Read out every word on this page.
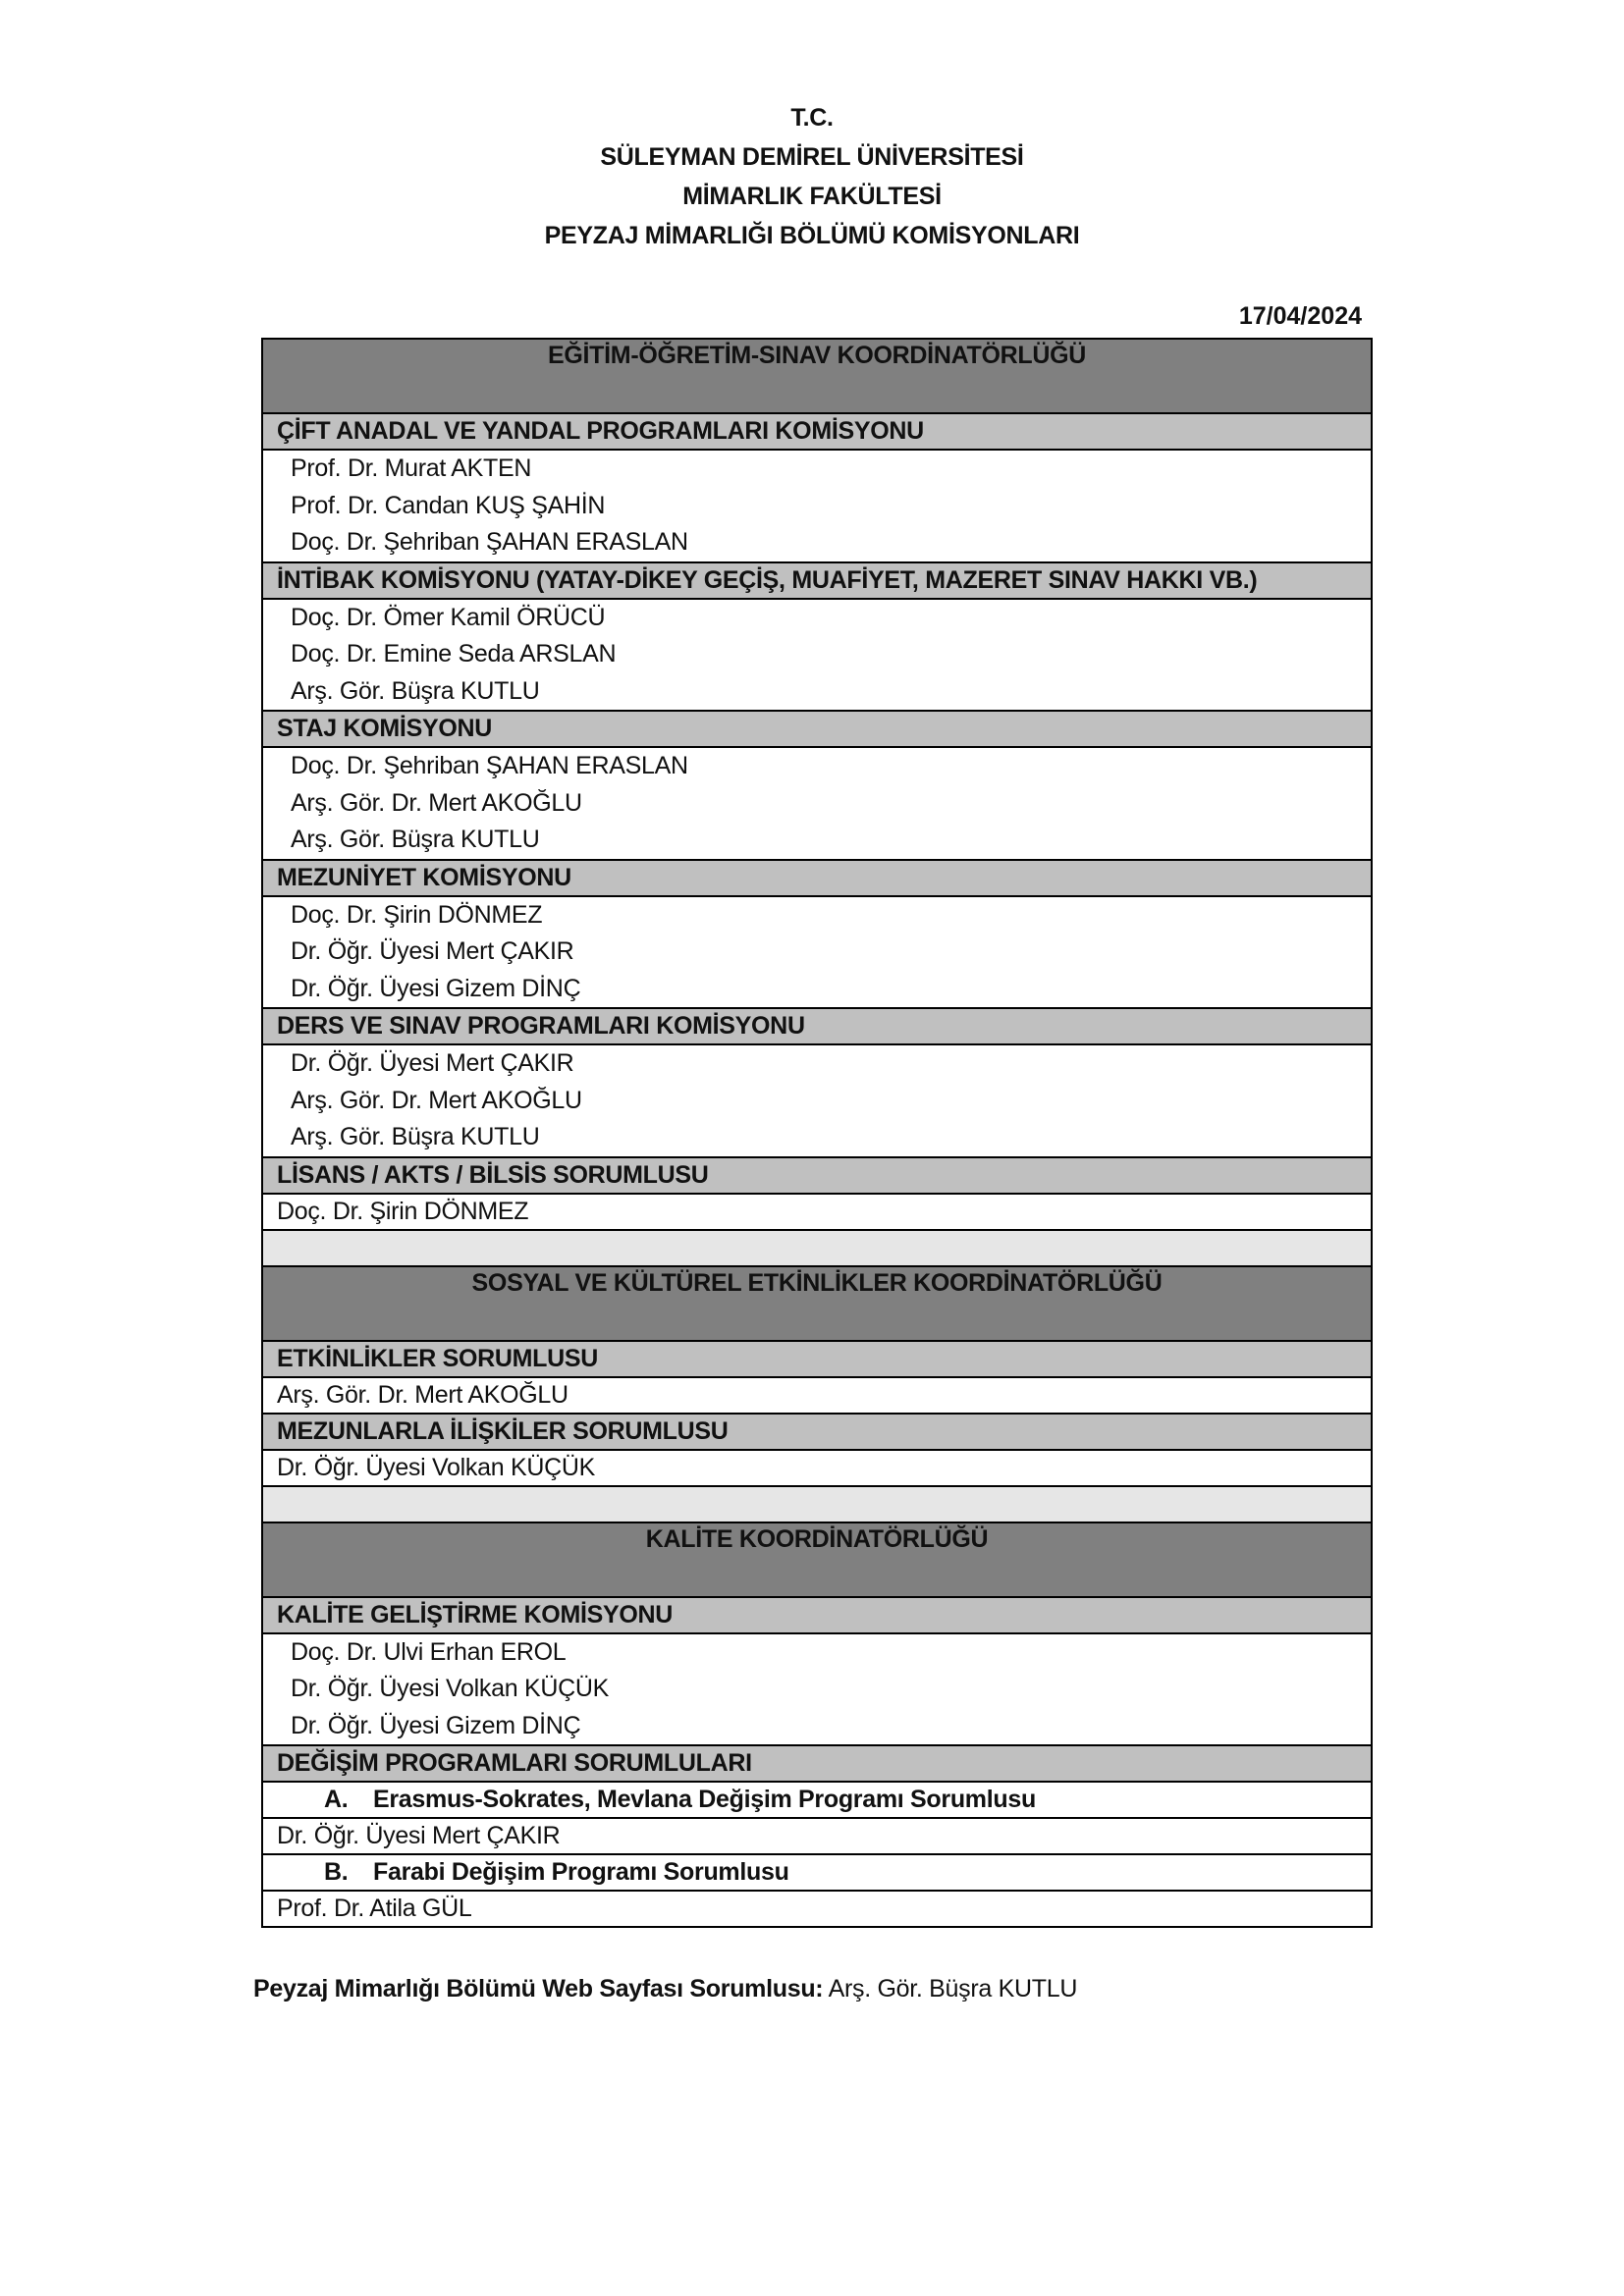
T.C.
SÜLEYMAN DEMİREL ÜNİVERSİTESİ
MİMARLIK FAKÜLTESİ
PEYZAJ MİMARLIĞI BÖLÜMÜ KOMİSYONLARI
17/04/2024
EĞİTİM-ÖĞRETİM-SINAV KOORDİNATÖRLÜĞÜ
ÇİFT ANADAL VE YANDAL PROGRAMLARI KOMİSYONU

Prof. Dr. Murat AKTEN
Prof. Dr. Candan KUŞ ŞAHİN
Doç. Dr. Şehriban ŞAHAN ERASLAN

İNTİBAK KOMİSYONU (YATAY-DİKEY GEÇİŞ, MUAFİYET, MAZERET SINAV HAKKI VB.)

Doç. Dr. Ömer Kamil ÖRÜCÜ
Doç. Dr. Emine Seda ARSLAN
Arş. Gör. Büşra KUTLU

STAJ KOMİSYONU

Doç. Dr. Şehriban ŞAHAN ERASLAN
Arş. Gör. Dr. Mert AKOĞLU
Arş. Gör. Büşra KUTLU

MEZUNİYET KOMİSYONU

Doç. Dr. Şirin DÖNMEZ
Dr. Öğr. Üyesi Mert ÇAKIR
Dr. Öğr. Üyesi Gizem DİNÇ

DERS VE SINAV PROGRAMLARI KOMİSYONU

Dr. Öğr. Üyesi Mert ÇAKIR
Arş. Gör. Dr. Mert AKOĞLU
Arş. Gör. Büşra KUTLU

LİSANS / AKTS / BİLSİS SORUMLUSU
Doç. Dr. Şirin DÖNMEZ

SOSYAL VE KÜLTÜREL ETKİNLİKLER KOORDİNATÖRLÜĞÜ
ETKİNLİKLER SORUMLUSU
Arş. Gör. Dr. Mert AKOĞLU
MEZUNLARLA İLİŞKİLER SORUMLUSU
Dr. Öğr. Üyesi Volkan KÜÇÜK

KALİTE KOORDİNATÖRLÜĞÜ
KALİTE GELİŞTİRME KOMİSYONU

Doç. Dr. Ulvi Erhan EROL
Dr. Öğr. Üyesi Volkan KÜÇÜK
Dr. Öğr. Üyesi Gizem DİNÇ

DEĞİŞİM PROGRAMLARI SORUMLULARI
A. Erasmus-Sokrates, Mevlana Değişim Programı Sorumlusu
Dr. Öğr. Üyesi Mert ÇAKIR
B. Farabi Değişim Programı Sorumlusu
Prof. Dr. Atila GÜL
Peyzaj Mimarlığı Bölümü Web Sayfası Sorumlusu: Arş. Gör. Büşra KUTLU
